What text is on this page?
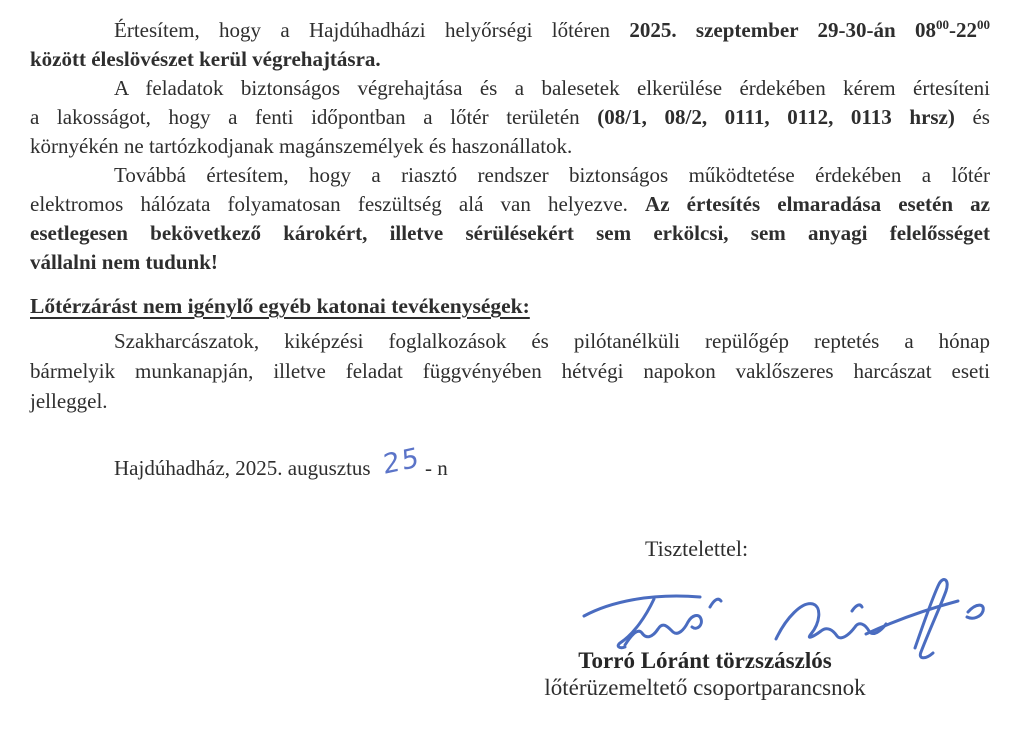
Értesítem, hogy a Hajdúhadházi helyőrségi lőtéren 2025. szeptember 29-30-án $08^{00}-22^{00}$
között éleslövészet kerül végrehajtásra.
A feladatok biztonságos végrehajtása és a balesetek elkerülése érdekében kérem értesíteni
a lakosságot, hogy a fenti időpontban a lőtér területén (08/1, 08/2, 0111, 0112, 0113 hrsz) és
környékén ne tartózkodjanak magánszemélyek és haszonállatok.
Továbbá értesítem, hogy a riasztó rendszer biztonságos működtetése érdekében a lőtér
elektromos hálózata folyamatosan feszültség alá van helyezve. Az értesítés elmaradása esetén az
esetlegesen bekövetkező károkért, illetve sérülésekért sem erkölcsi, sem anyagi felelősséget
vállalni nem tudunk!
Lőtérzárást nem igénylő egyéb katonai tevékenységek:
Szakharcászatok, kiképzési foglalkozások és pilótanélküli repülőgép reptetés a hónap
bármelyik munkanapján, illetve feladat függvényében hétvégi napokon vaklőszeres harcászat eseti
jelleggel.
Hajdúhadház, 2025. augusztus 25 - n
Tisztelettel:
Torró Lóránt törzszászlós
lőtérüzemeltető csoportparancsnok
